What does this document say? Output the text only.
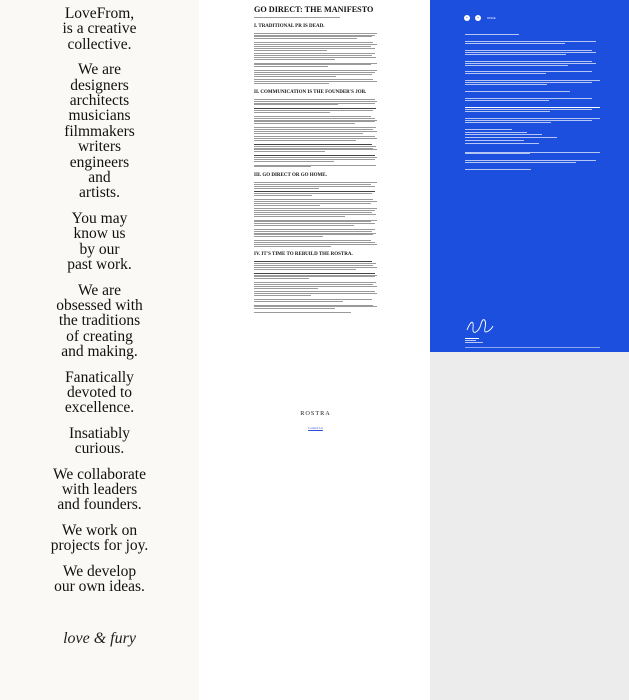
LoveFrom,
is a creative
collective.
We are
designers
architects
musicians
filmmakers
writers
engineers
and
artists.
You may
know us
by our
past work.
We are
obsessed with
the traditions
of creating
and making.
Fanatically
devoted to
excellence.
Insatiably
curious.
We collaborate
with leaders
and founders.
We work on
projects for joy.
We develop
our own ideas.
love & fury
GO DIRECT: THE MANIFESTO
I. TRADITIONAL PR IS DEAD.
II. COMMUNICATION IS THE FOUNDER'S JOB.
III. GO DIRECT OR GO HOME.
IV. IT'S TIME TO REBUILD THE ROSTRA.
ROSTRA
Contact Us
●	▲	ONCE
